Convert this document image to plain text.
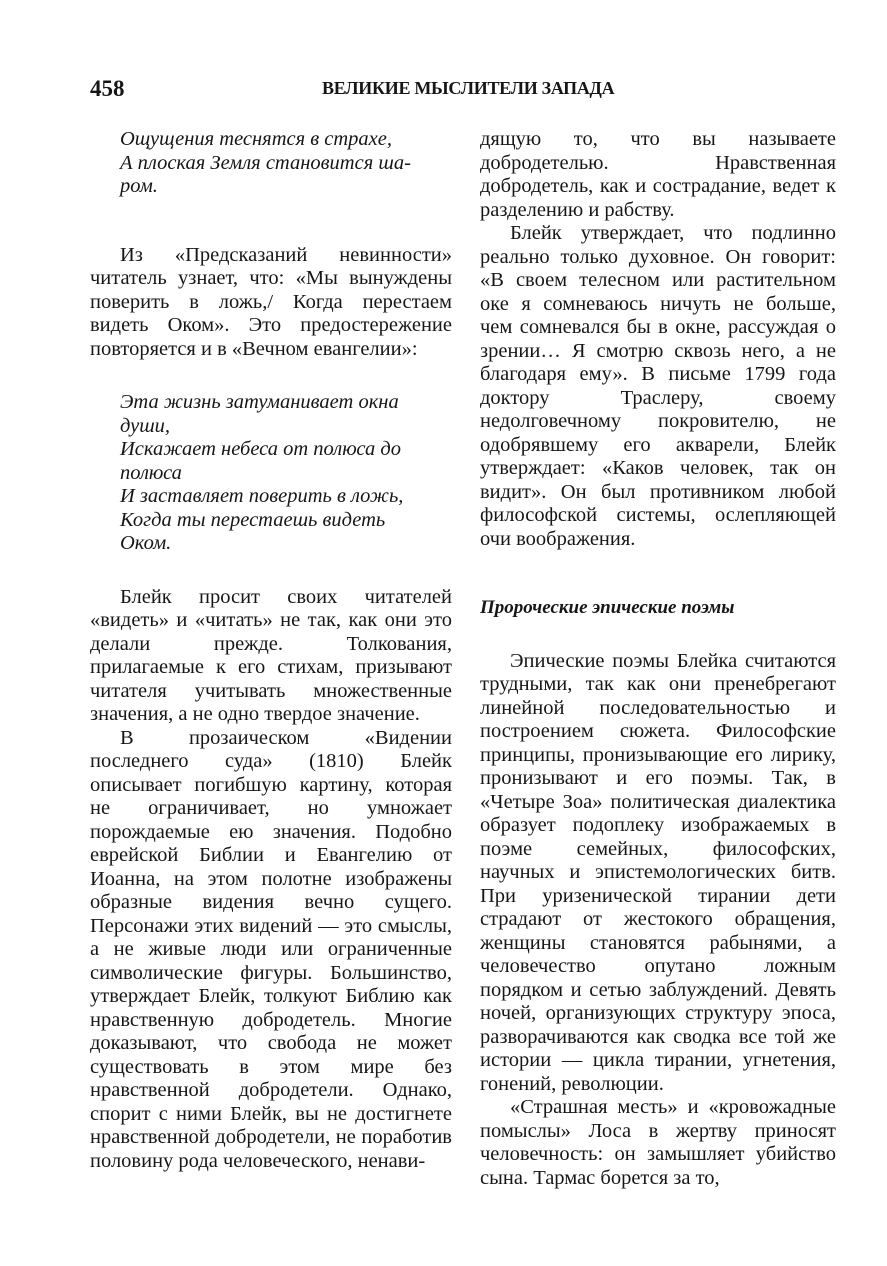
458	ВЕЛИКИЕ МЫСЛИТЕЛИ ЗАПАДА
Ощущения теснятся в страхе,
А плоская Земля становится ша-
ром.

Из «Предсказаний невинности» читатель узнает, что: «Мы вынуждены поверить в ложь,/ Когда перестаем видеть Оком». Это предостережение повторяется и в «Вечном евангелии»:

Эта жизнь затуманивает окна
души,
Искажает небеса от полюса до
полюса
И заставляет поверить в ложь,
Когда ты перестаешь видеть
Оком.

Блейк просит своих читателей «видеть» и «читать» не так, как они это делали прежде. Толкования, прилагаемые к его стихам, призывают читателя учитывать множественные значения, а не одно твердое значение.

В прозаическом «Видении последнего суда» (1810) Блейк описывает погибшую картину, которая не ограничивает, но умножает порождаемые ею значения. Подобно еврейской Библии и Евангелию от Иоанна, на этом полотне изображены образные видения вечно сущего. Персонажи этих видений — это смыслы, а не живые люди или ограниченные символические фигуры. Большинство, утверждает Блейк, толкуют Библию как нравственную добродетель. Многие доказывают, что свобода не может существовать в этом мире без нравственной добродетели. Однако, спорит с ними Блейк, вы не достигнете нравственной добродетели, не поработив половину рода человеческого, ненави-

дящую то, что вы называете добродетелью. Нравственная добродетель, как и сострадание, ведет к разделению и рабству.

Блейк утверждает, что подлинно реально только духовное. Он говорит: «В своем телесном или растительном оке я сомневаюсь ничуть не больше, чем сомневался бы в окне, рассуждая о зрении… Я смотрю сквозь него, а не благодаря ему». В письме 1799 года доктору Трaслеру, своему недолговечному покровителю, не одобрявшему его акварели, Блейк утверждает: «Каков человек, так он видит». Он был противником любой философской системы, ослепляющей очи воображения.

Пророческие эпические поэмы

Эпические поэмы Блейка считаются трудными, так как они пренебрегают линейной последовательностью и построением сюжета. Философские принципы, пронизывающие его лирику, пронизывают и его поэмы. Так, в «Четыре Зоа» политическая диалектика образует подоплеку изображаемых в поэме семейных, философских, научных и эпистемологических битв. При уризенической тирании дети страдают от жестокого обращения, женщины становятся рабынями, а человечество опутано ложным порядком и сетью заблуждений. Девять ночей, организующих структуру эпоса, разворачиваются как сводка все той же истории — цикла тирании, угнетения, гонений, революции.

«Страшная месть» и «кровожадные помыслы» Лоса в жертву приносят человечность: он замышляет убийство сына. Тармас борется за то,
